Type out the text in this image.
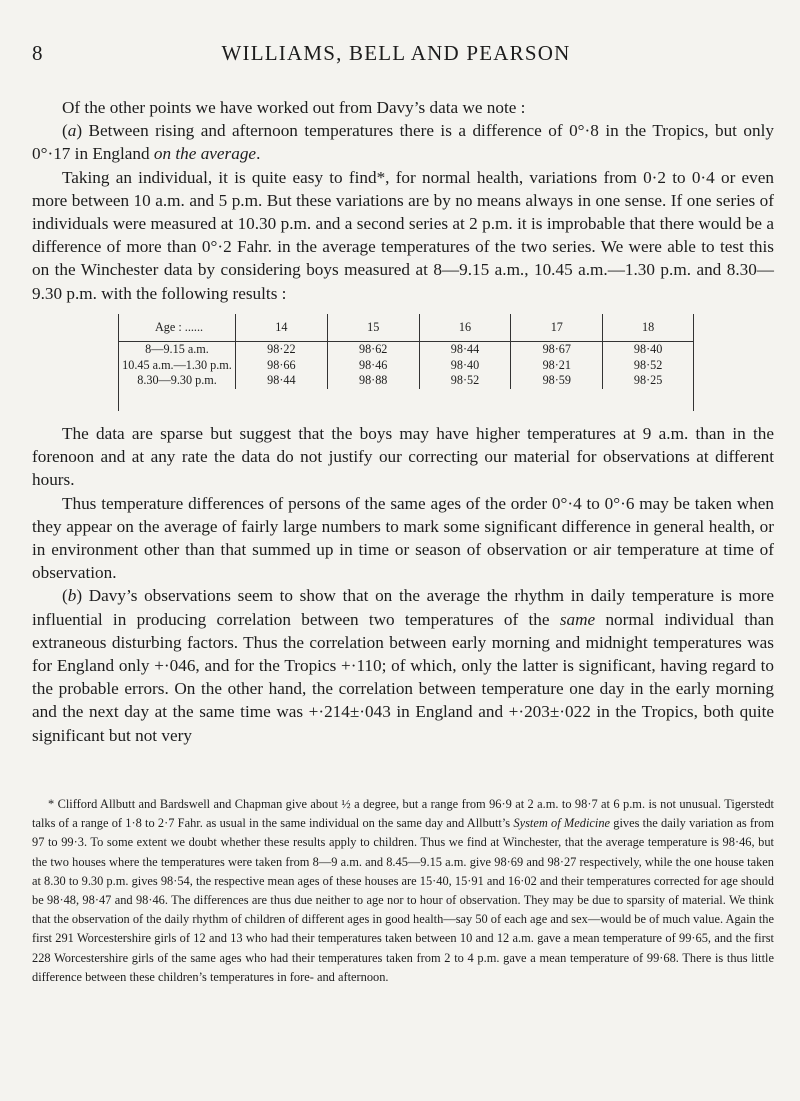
8	WILLIAMS, BELL AND PEARSON

Of the other points we have worked out from Davy’s data we note :

(a) Between rising and afternoon temperatures there is a difference of 0°·8 in the Tropics, but only 0°·17 in England on the average.

Taking an individual, it is quite easy to find*, for normal health, variations from 0·2 to 0·4 or even more between 10 a.m. and 5 p.m. But these variations are by no means always in one sense. If one series of individuals were measured at 10.30 p.m. and a second series at 2 p.m. it is improbable that there would be a difference of more than 0°·2 Fahr. in the average temperatures of the two series. We were able to test this on the Winchester data by considering boys measured at 8—9.15 a.m., 10.45 a.m.—1.30 p.m. and 8.30—9.30 p.m. with the following results :

Age : ......	14	15	16	17	18
8—9.15 a.m.	98·22	98·62	98·44	98·67	98·40
10.45 a.m.—1.30 p.m.	98·66	98·46	98·40	98·21	98·52
8.30—9.30 p.m.	98·44	98·88	98·52	98·59	98·25

The data are sparse but suggest that the boys may have higher temperatures at 9 a.m. than in the forenoon and at any rate the data do not justify our correcting our material for observations at different hours.

Thus temperature differences of persons of the same ages of the order 0°·4 to 0°·6 may be taken when they appear on the average of fairly large numbers to mark some significant difference in general health, or in environment other than that summed up in time or season of observation or air temperature at time of observation.

(b) Davy’s observations seem to show that on the average the rhythm in daily temperature is more influential in producing correlation between two temperatures of the same normal individual than extraneous disturbing factors. Thus the correlation between early morning and midnight temperatures was for England only +·046, and for the Tropics +·110; of which, only the latter is significant, having regard to the probable errors. On the other hand, the correlation between temperature one day in the early morning and the next day at the same time was +·214±·043 in England and +·203±·022 in the Tropics, both quite significant but not very

* Clifford Allbutt and Bardswell and Chapman give about ½ a degree, but a range from 96·9 at 2 a.m. to 98·7 at 6 p.m. is not unusual. Tigerstedt talks of a range of 1·8 to 2·7 Fahr. as usual in the same individual on the same day and Allbutt’s System of Medicine gives the daily variation as from 97 to 99·3. To some extent we doubt whether these results apply to children. Thus we find at Winchester, that the average temperature is 98·46, but the two houses where the temperatures were taken from 8—9 a.m. and 8.45—9.15 a.m. give 98·69 and 98·27 respectively, while the one house taken at 8.30 to 9.30 p.m. gives 98·54, the respective mean ages of these houses are 15·40, 15·91 and 16·02 and their temperatures corrected for age should be 98·48, 98·47 and 98·46. The differences are thus due neither to age nor to hour of observation. They may be due to sparsity of material. We think that the observation of the daily rhythm of children of different ages in good health—say 50 of each age and sex—would be of much value. Again the first 291 Worcestershire girls of 12 and 13 who had their temperatures taken between 10 and 12 a.m. gave a mean temperature of 99·65, and the first 228 Worcestershire girls of the same ages who had their temperatures taken from 2 to 4 p.m. gave a mean temperature of 99·68. There is thus little difference between these children’s temperatures in fore- and afternoon.
